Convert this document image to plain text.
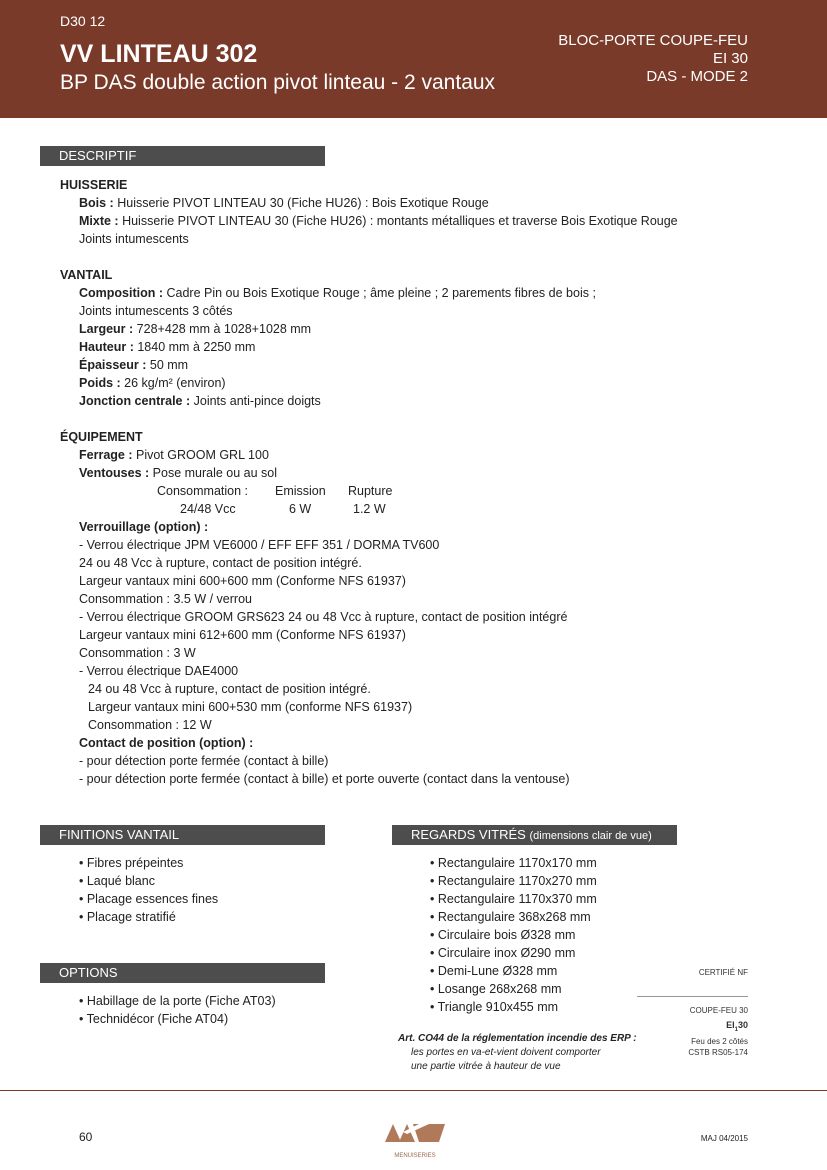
D30 12
VV LINTEAU 302
BP DAS double action pivot linteau - 2 vantaux
BLOC-PORTE COUPE-FEU
EI 30
DAS - MODE 2
DESCRIPTIF
HUISSERIE
Bois : Huisserie PIVOT LINTEAU 30 (Fiche HU26) : Bois Exotique Rouge
Mixte : Huisserie PIVOT LINTEAU 30 (Fiche HU26) : montants métalliques et traverse Bois Exotique Rouge
Joints intumescents
VANTAIL
Composition : Cadre Pin ou Bois Exotique Rouge ; âme pleine ; 2 parements fibres de bois ;
Joints intumescents 3 côtés
Largeur : 728+428 mm à 1028+1028 mm
Hauteur : 1840 mm à 2250 mm
Épaisseur : 50 mm
Poids : 26 kg/m² (environ)
Jonction centrale : Joints anti-pince doigts
ÉQUIPEMENT
Ferrage : Pivot GROOM GRL 100
Ventouses : Pose murale ou au sol
Consommation : Emission Rupture
24/48 Vcc	6 W	1.2 W
Verrouillage (option) :
- Verrou électrique JPM VE6000 / EFF EFF 351 / DORMA TV600
24 ou 48 Vcc à rupture, contact de position intégré.
Largeur vantaux mini 600+600 mm (Conforme NFS 61937)
Consommation : 3.5 W / verrou
- Verrou électrique GROOM GRS623 24 ou 48 Vcc à rupture, contact de position intégré
Largeur vantaux mini 612+600 mm (Conforme NFS 61937)
Consommation : 3 W
- Verrou électrique DAE4000
24 ou 48 Vcc à rupture, contact de position intégré.
Largeur vantaux mini 600+530 mm (conforme NFS 61937)
Consommation : 12 W
Contact de position (option) :
- pour détection porte fermée (contact à bille)
- pour détection porte fermée (contact à bille) et porte ouverte (contact dans la ventouse)
FINITIONS VANTAIL
• Fibres prépeintes
• Laqué blanc
• Placage essences fines
• Placage stratifié
OPTIONS
• Habillage de la porte (Fiche AT03)
• Technidécor (Fiche AT04)
REGARDS VITRÉS (dimensions clair de vue)
• Rectangulaire 1170x170 mm
• Rectangulaire 1170x270 mm
• Rectangulaire 1170x370 mm
• Rectangulaire 368x268 mm
• Circulaire bois Ø328 mm
• Circulaire inox Ø290 mm
• Demi-Lune Ø328 mm
• Losange 268x268 mm
• Triangle 910x455 mm
CERTIFIÉ NF
COUPE-FEU 30
$EI_130$
Feu des 2 côtés
CSTB RS05-174
Art. CO44 de la réglementation incendie des ERP :
les portes en va-et-vient doivent comporter
une partie vitrée à hauteur de vue
60
MENUISERIES
MAJ 04/2015
